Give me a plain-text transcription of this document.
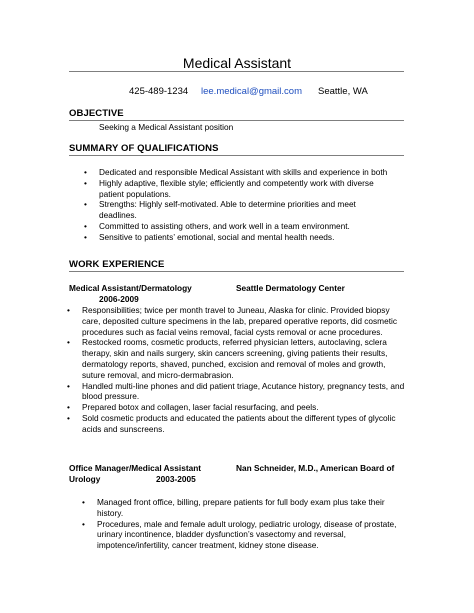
Medical Assistant
425-489-1234 lee.medical@gmail.com Seattle, WA
OBJECTIVE
Seeking a Medical Assistant position
SUMMARY OF QUALIFICATIONS
• Dedicated and responsible Medical Assistant with skills and experience in both
• Highly adaptive, flexible style; efficiently and competently work with diverse patient populations.
• Strengths: Highly self-motivated. Able to determine priorities and meet deadlines.
• Committed to assisting others, and work well in a team environment.
• Sensitive to patients’ emotional, social and mental health needs.
WORK EXPERIENCE
Medical Assistant/Dermatology	Seattle Dermatology Center
2006-2009
• Responsibilities; twice per month travel to Juneau, Alaska for clinic. Provided biopsy care, deposited culture specimens in the lab, prepared operative reports, did cosmetic procedures such as facial veins removal, facial cysts removal or acne procedures.
• Restocked rooms, cosmetic products, referred physician letters, autoclaving, sclera therapy, skin and nails surgery, skin cancers screening, giving patients their results, dermatology reports, shaved, punched, excision and removal of moles and growth, suture removal, and micro-dermabrasion.
• Handled multi-line phones and did patient triage, Acutance history, pregnancy tests, and blood pressure.
• Prepared botox and collagen, laser facial resurfacing, and peels.
• Sold cosmetic products and educated the patients about the different types of glycolic acids and sunscreens.
Office Manager/Medical Assistant	Nan Schneider, M.D., American Board of
Urology	2003-2005
• Managed front office, billing, prepare patients for full body exam plus take their history.
• Procedures, male and female adult urology, pediatric urology, disease of prostate, urinary incontinence, bladder dysfunction’s vasectomy and reversal, impotence/infertility, cancer treatment, kidney stone disease.
